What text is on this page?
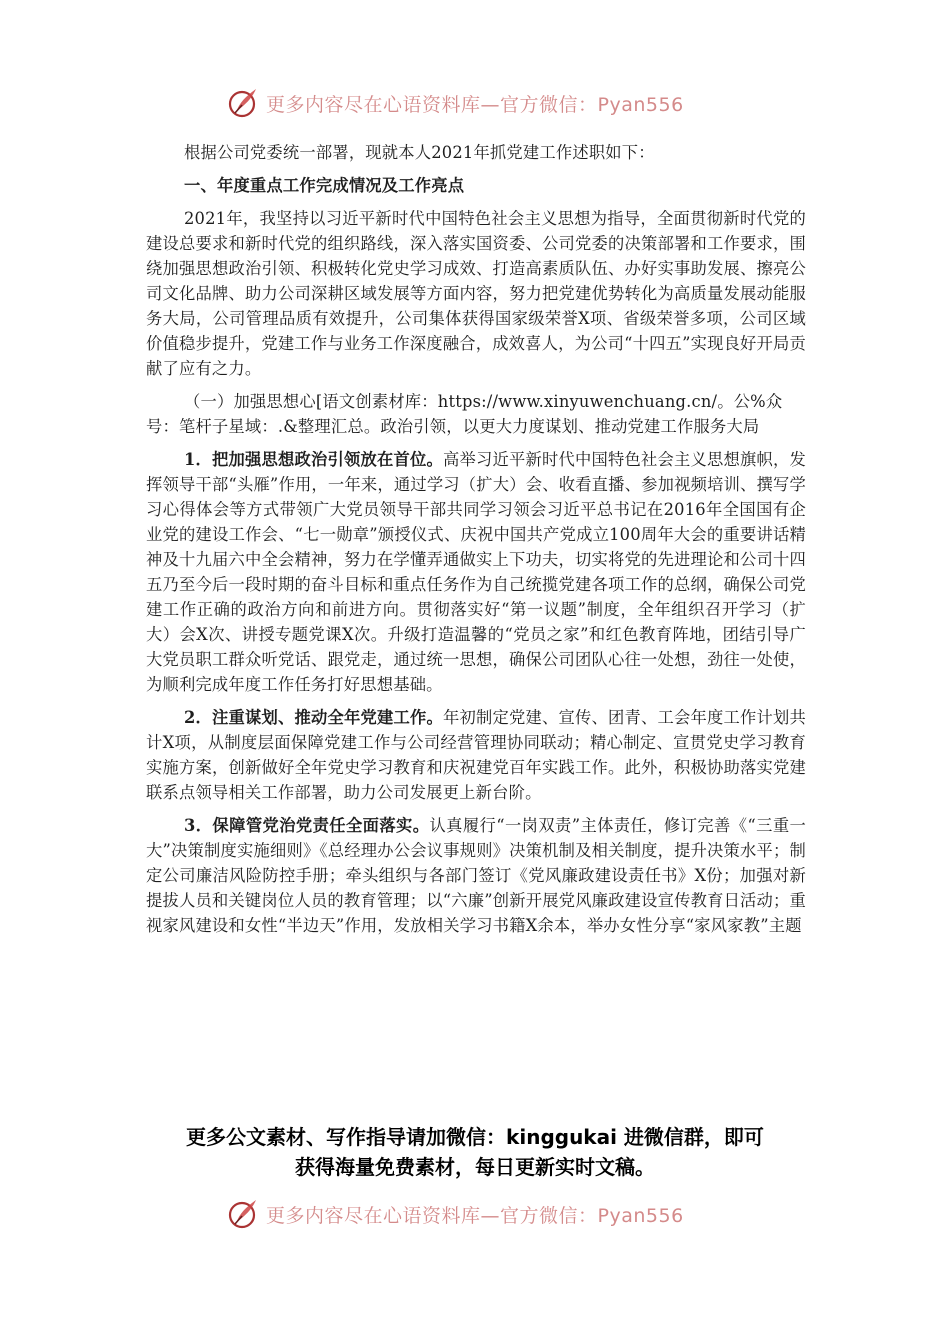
更多内容尽在心语资料库—官方微信：Pyan556

根据公司党委统一部署，现就本人2021年抓党建工作述职如下：

一、年度重点工作完成情况及工作亮点

2021年，我坚持以习近平新时代中国特色社会主义思想为指导，全面贯彻新时代党的建设总要求和新时代党的组织路线，深入落实国资委、公司党委的决策部署和工作要求，围绕加强思想政治引领、积极转化党史学习成效、打造高素质队伍、办好实事助发展、擦亮公司文化品牌、助力公司深耕区域发展等方面内容，努力把党建优势转化为高质量发展动能服务大局，公司管理品质有效提升，公司集体获得国家级荣誉X项、省级荣誉多项，公司区域价值稳步提升，党建工作与业务工作深度融合，成效喜人，为公司“十四五”实现良好开局贡献了应有之力。

（一）加强思想心[语文创素材库：https://www.xinyuwenchuang.cn/。公%众号：笔杆子星域：.&整理汇总。政治引领，以更大力度谋划、推动党建工作服务大局

1．把加强思想政治引领放在首位。高举习近平新时代中国特色社会主义思想旗帜，发挥领导干部“头雁”作用，一年来，通过学习（扩大）会、收看直播、参加视频培训、撰写学习心得体会等方式带领广大党员领导干部共同学习领会习近平总书记在2016年全国国有企业党的建设工作会、“七一勋章”颁授仪式、庆祝中国共产党成立100周年大会的重要讲话精神及十九届六中全会精神，努力在学懂弄通做实上下功夫，切实将党的先进理论和公司十四五乃至今后一段时期的奋斗目标和重点任务作为自己统揽党建各项工作的总纲，确保公司党建工作正确的政治方向和前进方向。贯彻落实好“第一议题”制度，全年组织召开学习（扩大）会X次、讲授专题党课X次。升级打造温馨的“党员之家”和红色教育阵地，团结引导广大党员职工群众听党话、跟党走，通过统一思想，确保公司团队心往一处想，劲往一处使，为顺利完成年度工作任务打好思想基础。

2．注重谋划、推动全年党建工作。年初制定党建、宣传、团青、工会年度工作计划共计X项，从制度层面保障党建工作与公司经营管理协同联动；精心制定、宣贯党史学习教育实施方案，创新做好全年党史学习教育和庆祝建党百年实践工作。此外，积极协助落实党建联系点领导相关工作部署，助力公司发展更上新台阶。

3．保障管党治党责任全面落实。认真履行“一岗双责”主体责任，修订完善《“三重一大”决策制度实施细则》《总经理办公会议事规则》决策机制及相关制度，提升决策水平；制定公司廉洁风险防控手册；牵头组织与各部门签订《党风廉政建设责任书》X份；加强对新提拔人员和关键岗位人员的教育管理；以“六廉”创新开展党风廉政建设宣传教育日活动；重视家风建设和女性“半边天”作用，发放相关学习书籍X余本，举办女性分享“家风家教”主题

更多公文素材、写作指导请加微信：kinggukai 进微信群，即可
获得海量免费素材，每日更新实时文稿。
更多内容尽在心语资料库—官方微信：Pyan556
